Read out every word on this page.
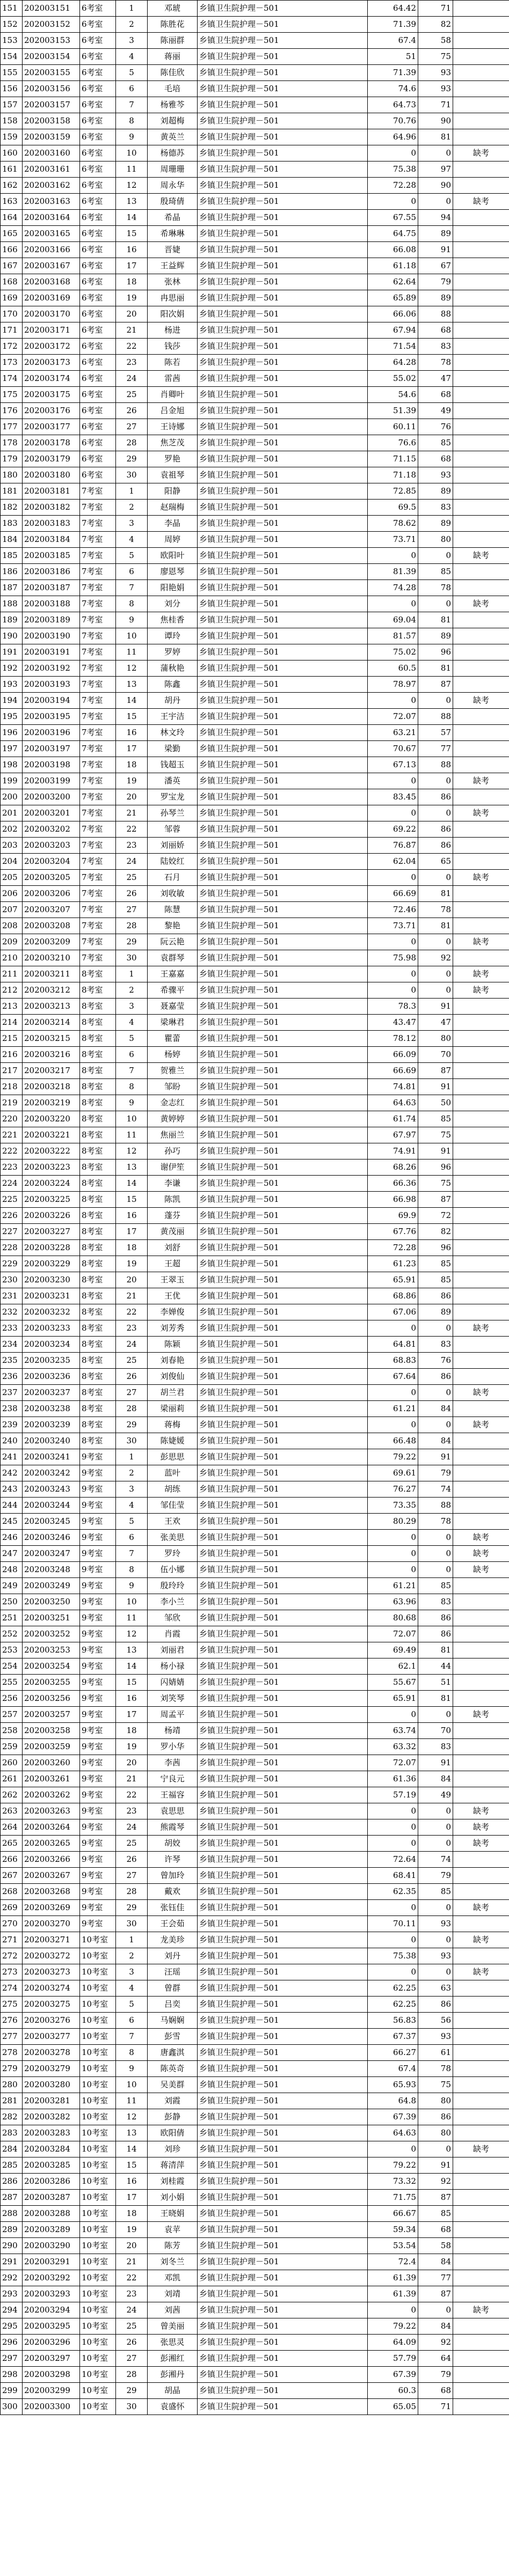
151	202003151	6考室	1	邓琥	乡镇卫生院护理－501	64.42	71	
152	202003152	6考室	2	陈胜花	乡镇卫生院护理－501	71.39	82	
153	202003153	6考室	3	陈丽群	乡镇卫生院护理－501	67.4	58	
154	202003154	6考室	4	蒋丽	乡镇卫生院护理－501	51	75	
155	202003155	6考室	5	陈佳欣	乡镇卫生院护理－501	71.39	93	
156	202003156	6考室	6	毛培	乡镇卫生院护理－501	74.6	93	
157	202003157	6考室	7	杨雅芩	乡镇卫生院护理－501	64.73	71	
158	202003158	6考室	8	刘超梅	乡镇卫生院护理－501	70.76	90	
159	202003159	6考室	9	黄英兰	乡镇卫生院护理－501	64.96	81	
160	202003160	6考室	10	杨德苏	乡镇卫生院护理－501	0	0	缺考
161	202003161	6考室	11	周珊珊	乡镇卫生院护理－501	75.38	97	
162	202003162	6考室	12	周永华	乡镇卫生院护理－501	72.28	90	
163	202003163	6考室	13	殷琦倩	乡镇卫生院护理－501	0	0	缺考
164	202003164	6考室	14	希晶	乡镇卫生院护理－501	67.55	94	
165	202003165	6考室	15	希琳琳	乡镇卫生院护理－501	64.75	89	
166	202003166	6考室	16	晋婕	乡镇卫生院护理－501	66.08	91	
167	202003167	6考室	17	王益辉	乡镇卫生院护理－501	61.18	67	
168	202003168	6考室	18	张林	乡镇卫生院护理－501	62.64	79	
169	202003169	6考室	19	冉思丽	乡镇卫生院护理－501	65.89	89	
170	202003170	6考室	20	阳次娟	乡镇卫生院护理－501	66.06	88	
171	202003171	6考室	21	杨进	乡镇卫生院护理－501	67.94	68	
172	202003172	6考室	22	钱莎	乡镇卫生院护理－501	71.54	83	
173	202003173	6考室	23	陈若	乡镇卫生院护理－501	64.28	78	
174	202003174	6考室	24	雷茜	乡镇卫生院护理－501	55.02	47	
175	202003175	6考室	25	肖卿叶	乡镇卫生院护理－501	54.6	68	
176	202003176	6考室	26	吕金旭	乡镇卫生院护理－501	51.39	49	
177	202003177	6考室	27	王诗娜	乡镇卫生院护理－501	60.11	76	
178	202003178	6考室	28	焦芝茂	乡镇卫生院护理－501	76.6	85	
179	202003179	6考室	29	罗艳	乡镇卫生院护理－501	71.15	68	
180	202003180	6考室	30	袁祖琴	乡镇卫生院护理－501	71.18	93	
181	202003181	7考室	1	阳静	乡镇卫生院护理－501	72.85	89	
182	202003182	7考室	2	赵瑞梅	乡镇卫生院护理－501	69.5	83	
183	202003183	7考室	3	李晶	乡镇卫生院护理－501	78.62	89	
184	202003184	7考室	4	周婷	乡镇卫生院护理－501	73.71	80	
185	202003185	7考室	5	欧阳叶	乡镇卫生院护理－501	0	0	缺考
186	202003186	7考室	6	廖恩琴	乡镇卫生院护理－501	81.39	85	
187	202003187	7考室	7	阳艳娟	乡镇卫生院护理－501	74.28	78	
188	202003188	7考室	8	刘分	乡镇卫生院护理－501	0	0	缺考
189	202003189	7考室	9	焦桂香	乡镇卫生院护理－501	69.04	81	
190	202003190	7考室	10	谭玲	乡镇卫生院护理－501	81.57	89	
191	202003191	7考室	11	罗婷	乡镇卫生院护理－501	75.02	96	
192	202003192	7考室	12	蒲秋艳	乡镇卫生院护理－501	60.5	81	
193	202003193	7考室	13	陈鑫	乡镇卫生院护理－501	78.97	87	
194	202003194	7考室	14	胡丹	乡镇卫生院护理－501	0	0	缺考
195	202003195	7考室	15	王宇洁	乡镇卫生院护理－501	72.07	88	
196	202003196	7考室	16	林文玲	乡镇卫生院护理－501	63.21	57	
197	202003197	7考室	17	梁勤	乡镇卫生院护理－501	70.67	77	
198	202003198	7考室	18	钱超玉	乡镇卫生院护理－501	67.13	88	
199	202003199	7考室	19	潘英	乡镇卫生院护理－501	0	0	缺考
200	202003200	7考室	20	罗宝龙	乡镇卫生院护理－501	83.45	86	
201	202003201	7考室	21	孙琴兰	乡镇卫生院护理－501	0	0	缺考
202	202003202	7考室	22	邹蓉	乡镇卫生院护理－501	69.22	86	
203	202003203	7考室	23	刘丽娇	乡镇卫生院护理－501	76.87	86	
204	202003204	7考室	24	陆姣红	乡镇卫生院护理－501	62.04	65	
205	202003205	7考室	25	石月	乡镇卫生院护理－501	0	0	缺考
206	202003206	7考室	26	刘收敏	乡镇卫生院护理－501	66.69	81	
207	202003207	7考室	27	陈慧	乡镇卫生院护理－501	72.46	78	
208	202003208	7考室	28	黎艳	乡镇卫生院护理－501	73.71	81	
209	202003209	7考室	29	阮云艳	乡镇卫生院护理－501	0	0	缺考
210	202003210	7考室	30	袁群琴	乡镇卫生院护理－501	75.98	92	
211	202003211	8考室	1	王嘉嘉	乡镇卫生院护理－501	0	0	缺考
212	202003212	8考室	2	希骤平	乡镇卫生院护理－501	0	0	缺考
213	202003213	8考室	3	聂嘉莹	乡镇卫生院护理－501	78.3	91	
214	202003214	8考室	4	梁琳君	乡镇卫生院护理－501	43.47	47	
215	202003215	8考室	5	瞿蕾	乡镇卫生院护理－501	78.12	80	
216	202003216	8考室	6	杨婷	乡镇卫生院护理－501	66.09	70	
217	202003217	8考室	7	贺雅兰	乡镇卫生院护理－501	66.69	87	
218	202003218	8考室	8	邹盼	乡镇卫生院护理－501	74.81	91	
219	202003219	8考室	9	金志红	乡镇卫生院护理－501	64.63	50	
220	202003220	8考室	10	黄婷婷	乡镇卫生院护理－501	61.74	85	
221	202003221	8考室	11	焦丽兰	乡镇卫生院护理－501	67.97	75	
222	202003222	8考室	12	孙巧	乡镇卫生院护理－501	74.91	91	
223	202003223	8考室	13	谢伊笙	乡镇卫生院护理－501	68.26	96	
224	202003224	8考室	14	李谦	乡镇卫生院护理－501	66.36	75	
225	202003225	8考室	15	陈凯	乡镇卫生院护理－501	66.98	87	
226	202003226	8考室	16	蓬芬	乡镇卫生院护理－501	69.9	72	
227	202003227	8考室	17	黄茂丽	乡镇卫生院护理－501	67.76	82	
228	202003228	8考室	18	刘舒	乡镇卫生院护理－501	72.28	96	
229	202003229	8考室	19	王超	乡镇卫生院护理－501	61.23	85	
230	202003230	8考室	20	王翠玉	乡镇卫生院护理－501	65.91	85	
231	202003231	8考室	21	王优	乡镇卫生院护理－501	68.86	86	
232	202003232	8考室	22	李婵俊	乡镇卫生院护理－501	67.06	89	
233	202003233	8考室	23	刘芳秀	乡镇卫生院护理－501	0	0	缺考
234	202003234	8考室	24	陈颖	乡镇卫生院护理－501	64.81	83	
235	202003235	8考室	25	刘春艳	乡镇卫生院护理－501	68.83	76	
236	202003236	8考室	26	刘俊仙	乡镇卫生院护理－501	67.64	86	
237	202003237	8考室	27	胡兰君	乡镇卫生院护理－501	0	0	缺考
238	202003238	8考室	28	梁丽莉	乡镇卫生院护理－501	61.21	84	
239	202003239	8考室	29	蒋梅	乡镇卫生院护理－501	0	0	缺考
240	202003240	8考室	30	陈婕媛	乡镇卫生院护理－501	66.48	84	
241	202003241	9考室	1	彭思思	乡镇卫生院护理－501	79.22	91	
242	202003242	9考室	2	蓝叶	乡镇卫生院护理－501	69.61	79	
243	202003243	9考室	3	胡练	乡镇卫生院护理－501	76.27	74	
244	202003244	9考室	4	邹佳莹	乡镇卫生院护理－501	73.35	88	
245	202003245	9考室	5	王欢	乡镇卫生院护理－501	80.29	78	
246	202003246	9考室	6	张美思	乡镇卫生院护理－501	0	0	缺考
247	202003247	9考室	7	罗玲	乡镇卫生院护理－501	0	0	缺考
248	202003248	9考室	8	伍小娜	乡镇卫生院护理－501	0	0	缺考
249	202003249	9考室	9	殷玲玲	乡镇卫生院护理－501	61.21	85	
250	202003250	9考室	10	李小兰	乡镇卫生院护理－501	63.96	83	
251	202003251	9考室	11	邹欣	乡镇卫生院护理－501	80.68	86	
252	202003252	9考室	12	肖霞	乡镇卫生院护理－501	72.07	86	
253	202003253	9考室	13	刘丽君	乡镇卫生院护理－501	69.49	81	
254	202003254	9考室	14	杨小禄	乡镇卫生院护理－501	62.1	44	
255	202003255	9考室	15	闪婧婧	乡镇卫生院护理－501	55.67	51	
256	202003256	9考室	16	刘笑琴	乡镇卫生院护理－501	65.91	81	
257	202003257	9考室	17	周孟平	乡镇卫生院护理－501	0	0	缺考
258	202003258	9考室	18	杨靖	乡镇卫生院护理－501	63.74	70	
259	202003259	9考室	19	罗小华	乡镇卫生院护理－501	63.32	83	
260	202003260	9考室	20	李茜	乡镇卫生院护理－501	72.07	91	
261	202003261	9考室	21	宁良元	乡镇卫生院护理－501	61.36	84	
262	202003262	9考室	22	王福容	乡镇卫生院护理－501	57.19	49	
263	202003263	9考室	23	袁思思	乡镇卫生院护理－501	0	0	缺考
264	202003264	9考室	24	熊霞琴	乡镇卫生院护理－501	0	0	缺考
265	202003265	9考室	25	胡姣	乡镇卫生院护理－501	0	0	缺考
266	202003266	9考室	26	许琴	乡镇卫生院护理－501	72.64	74	
267	202003267	9考室	27	曾加玲	乡镇卫生院护理－501	68.41	79	
268	202003268	9考室	28	戴欢	乡镇卫生院护理－501	62.35	85	
269	202003269	9考室	29	张钰佳	乡镇卫生院护理－501	0	0	缺考
270	202003270	9考室	30	王会茹	乡镇卫生院护理－501	70.11	93	
271	202003271	10考室	1	龙美珍	乡镇卫生院护理－501	0	0	缺考
272	202003272	10考室	2	刘丹	乡镇卫生院护理－501	75.38	93	
273	202003273	10考室	3	汪瑶	乡镇卫生院护理－501	0	0	缺考
274	202003274	10考室	4	曾群	乡镇卫生院护理－501	62.25	63	
275	202003275	10考室	5	吕奕	乡镇卫生院护理－501	62.25	86	
276	202003276	10考室	6	马娴娴	乡镇卫生院护理－501	56.83	56	
277	202003277	10考室	7	彭雪	乡镇卫生院护理－501	67.37	93	
278	202003278	10考室	8	唐鑫淇	乡镇卫生院护理－501	66.27	61	
279	202003279	10考室	9	陈英奇	乡镇卫生院护理－501	67.4	78	
280	202003280	10考室	10	吴美群	乡镇卫生院护理－501	65.93	75	
281	202003281	10考室	11	刘霞	乡镇卫生院护理－501	64.8	80	
282	202003282	10考室	12	彭静	乡镇卫生院护理－501	67.39	86	
283	202003283	10考室	13	欧阳倩	乡镇卫生院护理－501	64.63	80	
284	202003284	10考室	14	刘珍	乡镇卫生院护理－501	0	0	缺考
285	202003285	10考室	15	蒋清萍	乡镇卫生院护理－501	79.22	91	
286	202003286	10考室	16	刘桂霞	乡镇卫生院护理－501	73.32	92	
287	202003287	10考室	17	刘小娟	乡镇卫生院护理－501	71.75	87	
288	202003288	10考室	18	王晓娟	乡镇卫生院护理－501	66.67	85	
289	202003289	10考室	19	袁苹	乡镇卫生院护理－501	59.34	68	
290	202003290	10考室	20	陈芳	乡镇卫生院护理－501	53.54	58	
291	202003291	10考室	21	刘冬兰	乡镇卫生院护理－501	72.4	84	
292	202003292	10考室	22	邓凯	乡镇卫生院护理－501	61.39	77	
293	202003293	10考室	23	刘靖	乡镇卫生院护理－501	61.39	87	
294	202003294	10考室	24	刘茜	乡镇卫生院护理－501	0	0	缺考
295	202003295	10考室	25	曾美丽	乡镇卫生院护理－501	79.22	84	
296	202003296	10考室	26	张思灵	乡镇卫生院护理－501	64.09	92	
297	202003297	10考室	27	彭湘红	乡镇卫生院护理－501	57.79	64	
298	202003298	10考室	28	彭湘丹	乡镇卫生院护理－501	67.39	79	
299	202003299	10考室	29	胡晶	乡镇卫生院护理－501	60.3	68	
300	202003300	10考室	30	袁盛怀	乡镇卫生院护理－501	65.05	71	
